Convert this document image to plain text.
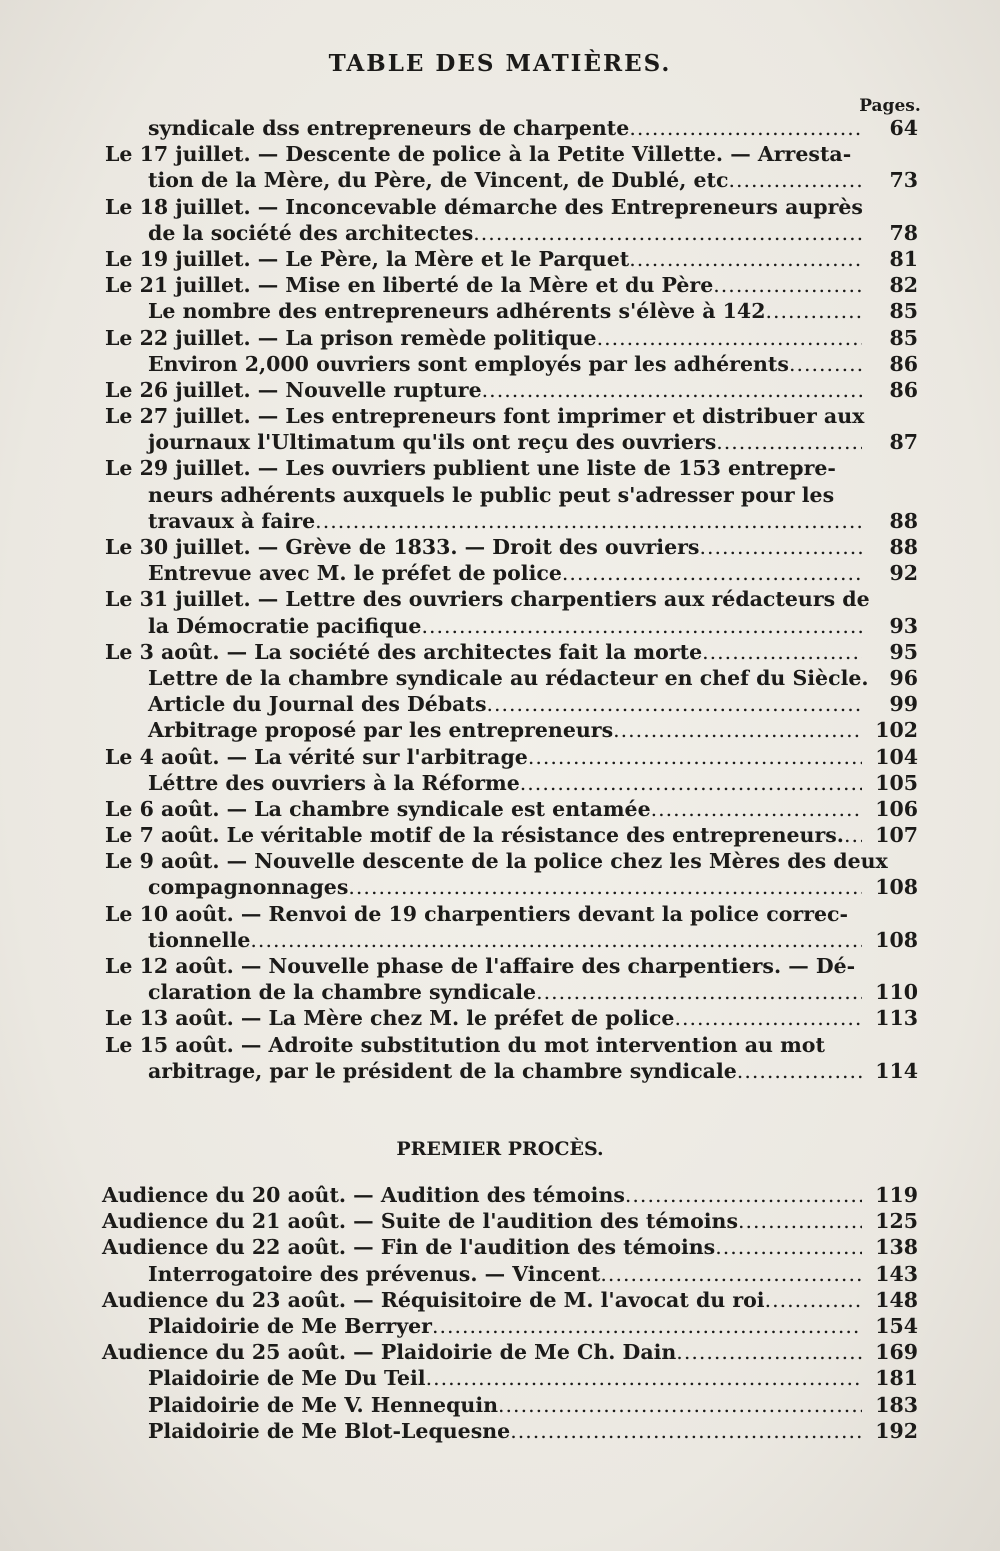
TABLE DES MATIÈRES.
Pages.
syndicale dss entrepreneurs de charpente .....	64
Le 17 juillet. — Descente de police à la Petite Villette. — Arresta-
tion de la Mère, du Père, de Vincent, de Dublé, etc .....	73
Le 18 juillet. — Inconcevable démarche des Entrepreneurs auprès
de la société des architectes .....	78
Le 19 juillet. — Le Père, la Mère et le Parquet .....	81
Le 21 juillet. — Mise en liberté de la Mère et du Père .....	82
Le nombre des entrepreneurs adhérents s'élève à 142 .....	85
Le 22 juillet. — La prison remède politique .....	85
Environ 2,000 ouvriers sont employés par les adhérents .....	86
Le 26 juillet. — Nouvelle rupture .....	86
Le 27 juillet. — Les entrepreneurs font imprimer et distribuer aux
journaux l'Ultimatum qu'ils ont reçu des ouvriers .....	87
Le 29 juillet. — Les ouvriers publient une liste de 153 entrepre-
neurs adhérents auxquels le public peut s'adresser pour les
travaux à faire .....	88
Le 30 juillet. — Grève de 1833. — Droit des ouvriers .....	88
Entrevue avec M. le préfet de police .....	92
Le 31 juillet. — Lettre des ouvriers charpentiers aux rédacteurs de
la Démocratie pacifique .....	93
Le 3 août. — La société des architectes fait la morte .....	95
Lettre de la chambre syndicale au rédacteur en chef du Siècle.	96
Article du Journal des Débats .....	99
Arbitrage proposé par les entrepreneurs .....	102
Le 4 août. — La vérité sur l'arbitrage .....	104
Léttre des ouvriers à la Réforme .....	105
Le 6 août. — La chambre syndicale est entamée .....	106
Le 7 août. Le véritable motif de la résistance des entrepreneurs. .....	107
Le 9 août. — Nouvelle descente de la police chez les Mères des deux
compagnonnages .....	108
Le 10 août. — Renvoi de 19 charpentiers devant la police correc-
tionnelle .....	108
Le 12 août. — Nouvelle phase de l'affaire des charpentiers. — Dé-
claration de la chambre syndicale .....	110
Le 13 août. — La Mère chez M. le préfet de police .....	113
Le 15 août. — Adroite substitution du mot intervention au mot
arbitrage, par le président de la chambre syndicale .....	114
PREMIER PROCÈS.
Audience du 20 août. — Audition des témoins .....	119
Audience du 21 août. — Suite de l'audition des témoins .....	125
Audience du 22 août. — Fin de l'audition des témoins .....	138
Interrogatoire des prévenus. — Vincent .....	143
Audience du 23 août. — Réquisitoire de M. l'avocat du roi .....	148
Plaidoirie de Me Berryer .....	154
Audience du 25 août. — Plaidoirie de Me Ch. Dain .....	169
Plaidoirie de Me Du Teil .....	181
Plaidoirie de Me V. Hennequin .....	183
Plaidoirie de Me Blot-Lequesne .....	192
